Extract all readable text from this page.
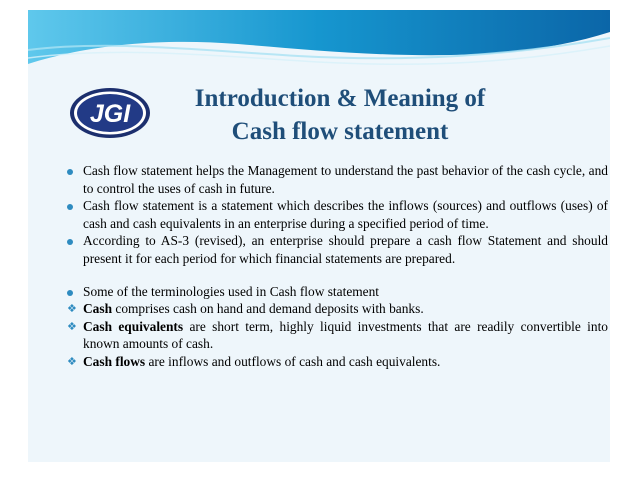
JGI
Introduction & Meaning of
Cash flow statement
Cash flow statement helps the Management to understand the past behavior of the cash cycle, and to control the uses of cash in future.
Cash flow statement is a statement which describes the inflows (sources) and outflows (uses) of cash and cash equivalents in an enterprise during a specified period of time.
According to AS-3 (revised), an enterprise should prepare a cash flow Statement and should present it for each period for which financial statements are prepared.
Some of the terminologies used in Cash flow statement
❖ Cash comprises cash on hand and demand deposits with banks.
❖ Cash equivalents are short term, highly liquid investments that are readily convertible into known amounts of cash.
❖ Cash flows are inflows and outflows of cash and cash equivalents.
